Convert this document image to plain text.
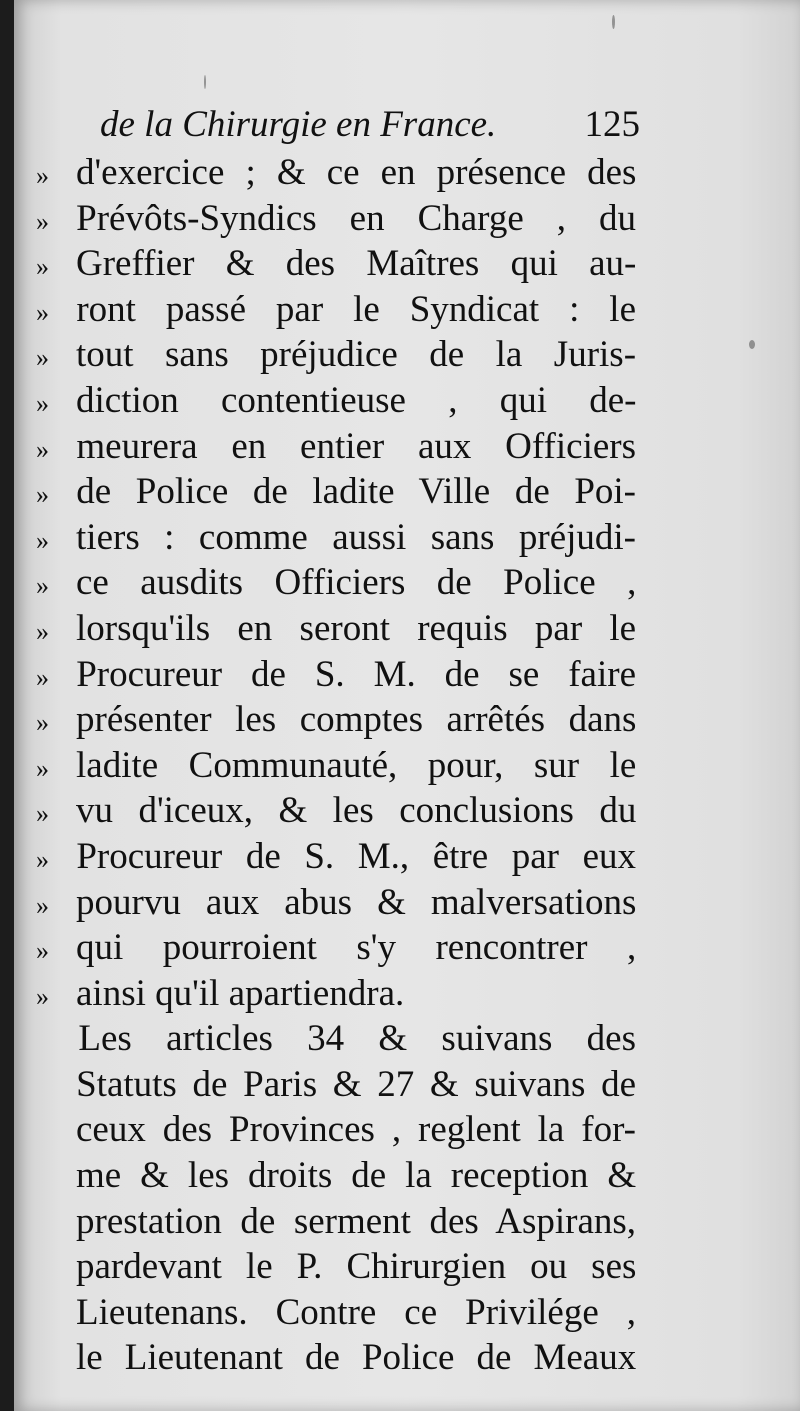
de la Chirurgie en France. 125
» d'exercice ; & ce en présence des
» Prévôts-Syndics en Charge , du
» Greffier & des Maîtres qui au-
» ront passé par le Syndicat : le
» tout sans préjudice de la Juris-
» diction contentieuse , qui de-
» meurera en entier aux Officiers
» de Police de ladite Ville de Poi-
» tiers : comme aussi sans préjudi-
» ce ausdits Officiers de Police ,
» lorsqu'ils en seront requis par le
» Procureur de S. M. de se faire
» présenter les comptes arrêtés dans
» ladite Communauté, pour, sur le
» vu d'iceux, & les conclusions du
» Procureur de S. M., être par eux
» pourvu aux abus & malversations
» qui pourroient s'y rencontrer ,
» ainsi qu'il apartiendra.
Les articles 34 & suivans des
Statuts de Paris & 27 & suivans de
ceux des Provinces , reglent la for-
me & les droits de la reception &
prestation de serment des Aspirans,
pardevant le P. Chirurgien ou ses
Lieutenans. Contre ce Privilége ,
le Lieutenant de Police de Meaux
